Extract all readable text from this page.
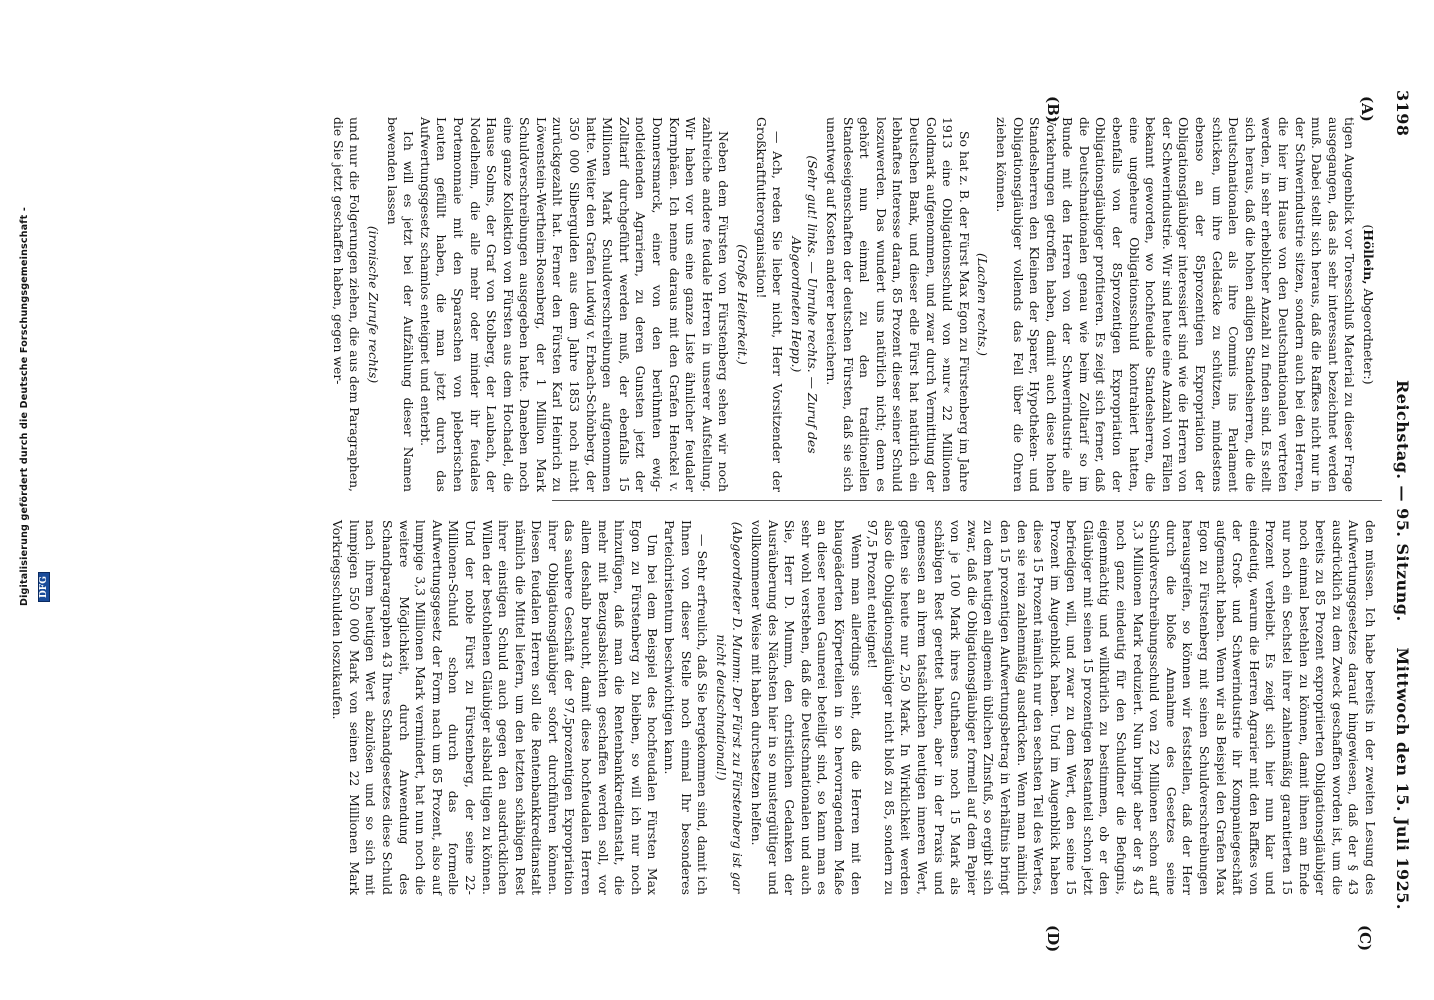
3198
Reichstag. — 95. Sitzung.
Mittwoch den 15. Juli 1925.
(A)
(B)
(C)
(D)

(Höllein, Abgeordneter:)

tigen Augenblick vor Toresschluß Material zu dieser Frage ausgegangen, das als sehr interessant bezeichnet werden muß. Dabei stellt sich heraus, daß die Raffkes nicht nur in der Schwerindustrie sitzen, sondern auch bei den Herren, die hier im Hause von den Deutschnationalen vertreten werden, in sehr erheblicher Anzahl zu finden sind. Es stellt sich heraus, daß die hohen adligen Standesherren, die die Deutschnationalen als ihre Commis ins Parlament schicken, um ihre Geldsäcke zu schützen, mindestens ebenso an der 85prozentigen Expropriation der Obligationsgläubiger interessiert sind wie die Herren von der Schwerindustrie. Wir sind heute eine Anzahl von Fällen bekannt geworden, wo hochfeudale Standesherren, die eine ungeheure Obligationsschuld kontrahiert hatten, ebenfalls von der 85prozentigen Expropriation der Obligationsgläubiger profitieren. Es zeigt sich ferner, daß die Deutschnationalen genau wie beim Zolltarif so im Bunde mit den Herren von der Schwerindustrie alle Vorkehrungen getroffen haben, damit auch diese hohen Standesherren den Kleinen der Sparer, Hypotheken- und Obligationsgläubiger vollends das Fell über die Ohren ziehen können.

(Lachen rechts.)

So hat z. B. der Fürst Max Egon zu Fürstenberg im Jahre 1913 eine Obligationsschuld von »nur« 22 Millionen Goldmark aufgenommen, und zwar durch Vermittlung der Deutschen Bank, und dieser edle Fürst hat natürlich ein lebhaftes Interesse daran, 85 Prozent dieser seiner Schuld loszuwerden. Das wundert uns natürlich nicht; denn es gehört nun einmal zu den traditionellen Standeseigenschaften der deutschen Fürsten, daß sie sich unentwegt auf Kosten anderer bereichern.

(Sehr gut! links. — Unruhe rechts. — Zuruf des Abgeordneten Hepp.)

— Ach, reden Sie lieber nicht, Herr Vorsitzender der Großkraftfutterorganisation!

(Große Heiterkeit.)

Neben dem Fürsten von Fürstenberg sehen wir noch zahlreiche andere feudale Herren in unserer Aufstellung. Wir haben vor uns eine ganze Liste ähnlicher feudaler Kornphäen. Ich nenne daraus mit den Grafen Henckel v. Donnersmarck, einer von den berühmten ewig-notleidenden Agrariern, zu deren Gunsten jetzt der Zolltarif durchgeführt werden muß, der ebenfalls 15 Millionen Mark Schuldverschreibungen aufgenommen hatte. Weiter den Grafen Ludwig v. Erbach-Schönberg, der 350 000 Silbergulden aus dem Jahre 1853 noch nicht zurückgezahlt hat. Ferner den Fürsten Karl Heinrich zu Löwenstein-Wertheim-Rosenberg, der 1 Million Mark Schuldverschreibungen ausgegeben hatte. Daneben noch eine ganze Kollektion von Fürsten aus dem Hochadel, die Hause Solms, der Graf von Stolberg, der Laubach, der Nodelheim, die alle mehr oder minder ihr feudales Portemonnaie mit den Sparaschen von pleberischen Leuten gefüllt haben, die man jetzt durch das Aufwertungsgesetz schamlos enteignet und enterbt.

Ich will es jetzt bei der Aufzählung dieser Namen bewenden lassen

(ironische Zurufe rechts)

und nur die Folgerungen ziehen, die aus dem Paragraphen, die Sie jetzt geschaffen haben, gegen wer-

den müssen. Ich habe bereits in der zweiten Lesung des Aufwertungsgesetzes darauf hingewiesen, daß der § 43 ausdrücklich zu dem Zweck geschaffen worden ist, um die bereits zu 85 Prozent expropriierten Obligationsgläubiger noch einmal bestehlen zu können, damit ihnen am Ende nur noch ein Sechstel ihrer zahlenmäßig garantierten 15 Prozent verbleibt. Es zeigt sich hier nun klar und eindeutig, warum die Herren Agrarier mit den Raffkes von der Groß- und Schwerindustrie ihr Kompaniegeschäft aufgemacht haben. Wenn wir als Beispiel den Grafen Max Egon zu Fürstenberg mit seinen Schuldverschreibungen herausgreifen, so können wir feststellen, daß der Herr durch die bloße Annahme des Gesetzes seine Schuldverschreibungsschuld von 22 Millionen schon auf 3,3 Millionen Mark reduziert. Nun bringt aber der § 43 noch ganz eindeutig für den Schuldner die Befugnis, eigenmächtig und willkürlich zu bestimmen, ob er den Gläubiger mit seinen 15 prozentigen Restanteil schon jetzt befriedigen will, und zwar zu dem Wert, den seine 15 Prozent im Augenblick haben. Und im Augenblick haben diese 15 Prozent nämlich nur den sechsten Teil des Wertes, den sie rein zahlenmäßig ausdrücken. Wenn man nämlich den 15 prozentigen Aufwertungsbetrag in Verhältnis bringt zu dem heutigen allgemein üblichen Zinsfuß, so ergibt sich zwar, daß die Obligationsgläubiger formell auf dem Papier von je 100 Mark ihres Guthabens noch 15 Mark als schäbigen Rest gerettet haben, aber in der Praxis und gemessen an ihrem tatsächlichen heutigen inneren Wert, gelten sie heute nur 2,50 Mark. In Wirklichkeit werden also die Obligationsgläubiger nicht bloß zu 85, sondern zu 97,5 Prozent enteignet!

Wenn man allerdings sieht, daß die Herren mit den blaugeäderten Körperteilen in so hervorragendem Maße an dieser neuen Gaunerei beteiligt sind, so kann man es sehr wohl verstehen, daß die Deutschnationalen und auch Sie, Herr D. Mumm, den christlichen Gedanken der Ausräuberung des Nächsten hier in so mustergültiger und vollkommener Weise mit haben durchsetzen helfen.

(Abgeordneter D. Mumm: Der Fürst zu Fürstenberg ist gar nicht deutschnational!)

— Sehr erfreulich, daß Sie bergekommen sind, damit ich Ihnen von dieser Stelle noch einmal Ihr besonderes Parteichristentum beschwichtigen kann.

Um bei dem Beispiel des hochfeudalen Fürsten Max Egon zu Fürstenberg zu bleiben, so will ich nur noch hinzufügen, daß man die Rentenbankkreditanstalt, die mehr mit Bezugsabsichten geschaffen werden soll, vor allem deshalb braucht, damit diese hochfeudalen Herren das saubere Geschäft der 97,5prozentigen Expropriation ihrer Obligationsgläubiger sofort durchführen können. Diesen feudalen Herren soll die Rentenbankkreditanstalt nämlich die Mittel liefern, um den letzten schäbigen Rest ihrer einstigen Schuld auch gegen den ausdrücklichen Willen der bestohlenen Gläubiger alsbald tilgen zu können. Und der noble Fürst zu Fürstenberg, der seine 22-Millionen-Schuld schon durch das formelle Aufwertungsgesetz der Form nach um 85 Prozent, also auf lumpige 3,3 Millionen Mark vermindert, hat nun noch die weitere Möglichkeit, durch Anwendung des Schandparagraphen 43 Ihres Schandgesetzes diese Schuld nach ihrem heutigen Wert abzulösen und so sich mit lumpigen 550 000 Mark von seinen 22 Millionen Mark Vorkriegsschulden loszukaufen.

Digitalisierung gefördert durch die Deutsche Forschungsgemeinschaft - DFG
